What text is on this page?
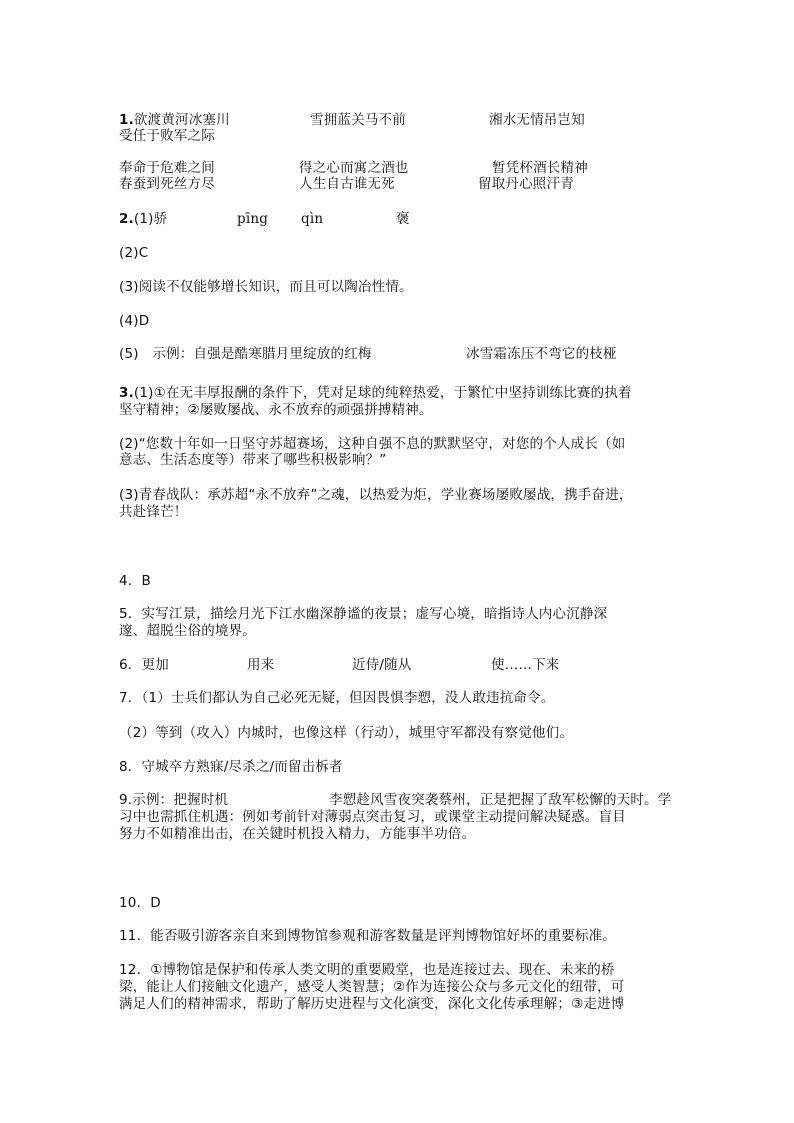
1.欲渡黄河冰塞川	雪拥蓝关马不前	湘水无情吊岂知
受任于败军之际
奉命于危难之间	得之心而寓之酒也	暂凭杯酒长精神
春蚕到死丝方尽	人生自古谁无死	留取丹心照汗青
2.(1)骄	pīng qìn	褒
(2)C
(3)阅读不仅能够增长知识，而且可以陶冶性情。
(4)D
(5)　示例：自强是酷寒腊月里绽放的红梅	冰雪霜冻压不弯它的枝桠
3.(1)①在无丰厚报酬的条件下，凭对足球的纯粹热爱，于繁忙中坚持训练比赛的执着
坚守精神；②屡败屡战、永不放弃的顽强拼搏精神。
(2)“您数十年如一日坚守苏超赛场，这种自强不息的默默坚守，对您的个人成长（如
意志、生活态度等）带来了哪些积极影响？”
(3)青春战队：承苏超“永不放弃”之魂，以热爱为炬，学业赛场屡败屡战，携手奋进，
共赴锋芒！
4．B
5．实写江景，描绘月光下江水幽深静谧的夜景；虚写心境，暗指诗人内心沉静深
邃、超脱尘俗的境界。
6．更加	用来	近侍/随从	使……下来
7．（1）士兵们都认为自己必死无疑，但因畏惧李愬，没人敢违抗命令。
（2）等到（攻入）内城时，也像这样（行动），城里守军都没有察觉他们。
8．守城卒方熟寐/尽杀之/而留击柝者
9.示例：把握时机	李愬趁风雪夜突袭蔡州，正是把握了敌军松懈的天时。学
习中也需抓住机遇：例如考前针对薄弱点突击复习，或课堂主动提问解决疑惑。盲目
努力不如精准出击，在关键时机投入精力，方能事半功倍。
10．D
11．能否吸引游客亲自来到博物馆参观和游客数量是评判博物馆好坏的重要标准。
12．①博物馆是保护和传承人类文明的重要殿堂，也是连接过去、现在、未来的桥
梁，能让人们接触文化遗产，感受人类智慧；②作为连接公众与多元文化的纽带，可
满足人们的精神需求，帮助了解历史进程与文化演变，深化文化传承理解；③走进博
